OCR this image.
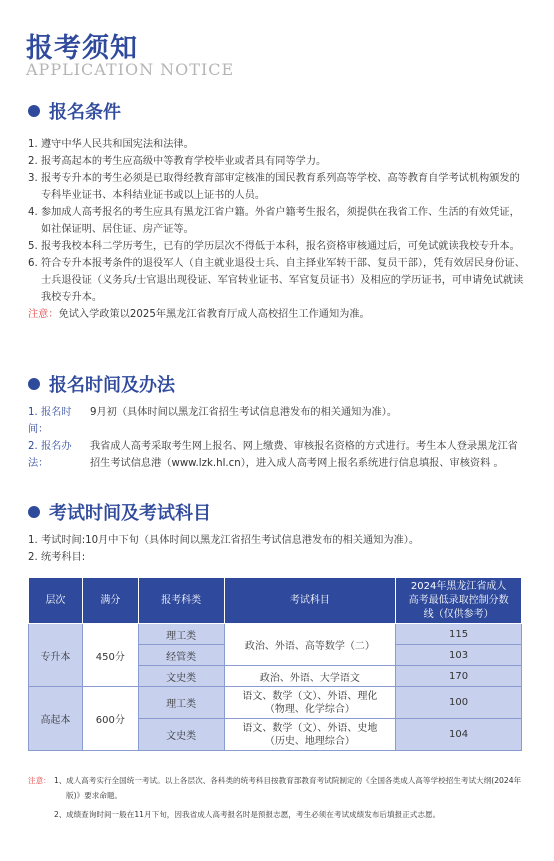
报考须知
APPLICATION NOTICE
报名条件
1. 遵守中华人民共和国宪法和法律。
2. 报考高起本的考生应高级中等教育学校毕业或者具有同等学力。
3. 报考专升本的考生必须是已取得经教育部审定核准的国民教育系列高等学校、高等教育自学考试机构颁发的专科毕业证书、本科结业证书或以上证书的人员。
4. 参加成人高考报名的考生应具有黑龙江省户籍。外省户籍考生报名，须提供在我省工作、生活的有效凭证，如社保证明、居住证、房产证等。
5. 报考我校本科二学历考生，已有的学历层次不得低于本科，报名资格审核通过后，可免试就读我校专升本。
6. 符合专升本报考条件的退役军人（自主就业退役士兵、自主择业军转干部、复员干部），凭有效居民身份证、士兵退役证（义务兵/士官退出现役证、军官转业证书、军官复员证书）及相应的学历证书，可申请免试就读我校专升本。
注意：免试入学政策以2025年黑龙江省教育厅成人高校招生工作通知为准。
报名时间及办法
1. 报名时间：
9月初（具体时间以黑龙江省招生考试信息港发布的相关通知为准）。
2. 报名办法：
我省成人高考采取考生网上报名、网上缴费、审核报名资格的方式进行。考生本人登录黑龙江省招生考试信息港（www.lzk.hl.cn），进入成人高考网上报名系统进行信息填报、审核资料 。
考试时间及考试科目
1. 考试时间:10月中下旬（具体时间以黑龙江省招生考试信息港发布的相关通知为准）。
2. 统考科目:
层次	满分	报考科类	考试科目	2024年黑龙江省成人高考最低录取控制分数线（仅供参考）
专升本	450分	理工类	政治、外语、高等数学（二）	115
		经管类		103
		文史类	政治、外语、大学语文	170
高起本	600分	理工类	语文、数学（文）、外语、理化（物理、化学综合）	100
		文史类	语文、数学（文）、外语、史地（历史、地理综合）	104
注意： 1、 成人高考实行全国统一考试。以上各层次、各科类的统考科目按教育部教育考试院制定的《全国各类成人高等学校招生考试大纲(2024年版)》要求命题。
2、 成绩查询时间一般在11月下旬，因我省成人高考报名时是预报志愿，考生必须在考试成绩发布后填报正式志愿。
